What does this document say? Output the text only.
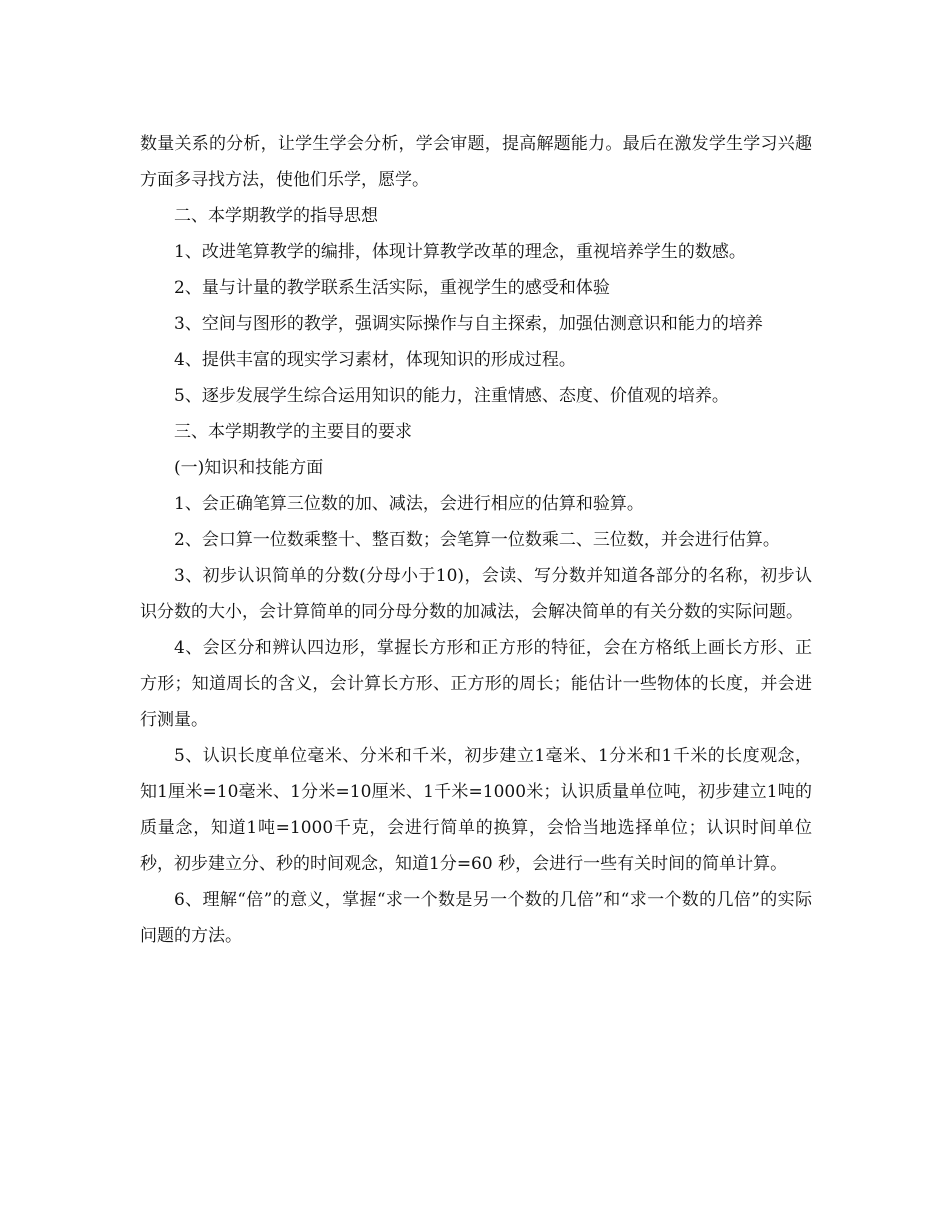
数量关系的分析，让学生学会分析，学会审题，提高解题能力。最后在激发学生学习兴趣方面多寻找方法，使他们乐学，愿学。

二、本学期教学的指导思想

1、改进笔算教学的编排，体现计算教学改革的理念，重视培养学生的数感。

2、量与计量的教学联系生活实际，重视学生的感受和体验

3、空间与图形的教学，强调实际操作与自主探索，加强估测意识和能力的培养

4、提供丰富的现实学习素材，体现知识的形成过程。

5、逐步发展学生综合运用知识的能力，注重情感、态度、价值观的培养。

三、本学期教学的主要目的要求

(一)知识和技能方面

1、会正确笔算三位数的加、减法，会进行相应的估算和验算。

2、会口算一位数乘整十、整百数；会笔算一位数乘二、三位数，并会进行估算。

3、初步认识简单的分数(分母小于10)，会读、写分数并知道各部分的名称，初步认识分数的大小，会计算简单的同分母分数的加减法，会解决简单的有关分数的实际问题。

4、会区分和辨认四边形，掌握长方形和正方形的特征，会在方格纸上画长方形、正方形；知道周长的含义，会计算长方形、正方形的周长；能估计一些物体的长度，并会进行测量。

5、认识长度单位毫米、分米和千米，初步建立1毫米、1分米和1千米的长度观念，知1厘米=10毫米、1分米=10厘米、1千米=1000米；认识质量单位吨，初步建立1吨的质量念，知道1吨=1000千克，会进行简单的换算，会恰当地选择单位；认识时间单位秒，初步建立分、秒的时间观念，知道1分=60 秒，会进行一些有关时间的简单计算。

6、理解“倍”的意义，掌握“求一个数是另一个数的几倍”和“求一个数的几倍”的实际 问题的方法。
